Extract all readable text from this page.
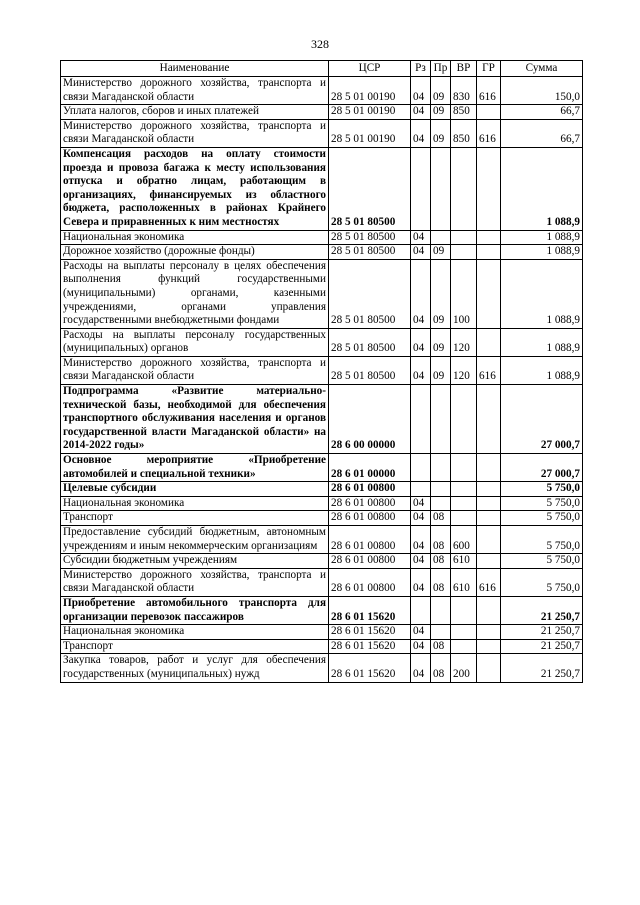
328
Наименование	ЦСР	Рз	Пр	ВР	ГР	Сумма
Министерство дорожного хозяйства, транспорта и связи Магаданской области	28 5 01 00190	04	09	830	616	150,0
Уплата налогов, сборов и иных платежей	28 5 01 00190	04	09	850		66,7
Министерство дорожного хозяйства, транспорта и связи Магаданской области	28 5 01 00190	04	09	850	616	66,7
Компенсация расходов на оплату стоимости проезда и провоза багажа к месту использования отпуска и обратно лицам, работающим в организациях, финансируемых из областного бюджета, расположенных в районах Крайнего Севера и приравненных к ним местностях	28 5 01 80500					1 088,9
Национальная экономика	28 5 01 80500	04				1 088,9
Дорожное хозяйство (дорожные фонды)	28 5 01 80500	04	09			1 088,9
Расходы на выплаты персоналу в целях обеспечения выполнения функций государственными (муниципальными) органами, казенными учреждениями, органами управления государственными внебюджетными фондами	28 5 01 80500	04	09	100		1 088,9
Расходы на выплаты персоналу государственных (муниципальных) органов	28 5 01 80500	04	09	120		1 088,9
Министерство дорожного хозяйства, транспорта и связи Магаданской области	28 5 01 80500	04	09	120	616	1 088,9
Подпрограмма «Развитие материально-технической базы, необходимой для обеспечения транспортного обслуживания населения и органов государственной власти Магаданской области» на 2014-2022 годы»	28 6 00 00000					27 000,7
Основное мероприятие «Приобретение автомобилей и специальной техники»	28 6 01 00000					27 000,7
Целевые субсидии	28 6 01 00800					5 750,0
Национальная экономика	28 6 01 00800	04				5 750,0
Транспорт	28 6 01 00800	04	08			5 750,0
Предоставление субсидий бюджетным, автономным учреждениям и иным некоммерческим организациям	28 6 01 00800	04	08	600		5 750,0
Субсидии бюджетным учреждениям	28 6 01 00800	04	08	610		5 750,0
Министерство дорожного хозяйства, транспорта и связи Магаданской области	28 6 01 00800	04	08	610	616	5 750,0
Приобретение автомобильного транспорта для организации перевозок пассажиров	28 6 01 15620					21 250,7
Национальная экономика	28 6 01 15620	04				21 250,7
Транспорт	28 6 01 15620	04	08			21 250,7
Закупка товаров, работ и услуг для обеспечения государственных (муниципальных) нужд	28 6 01 15620	04	08	200		21 250,7
